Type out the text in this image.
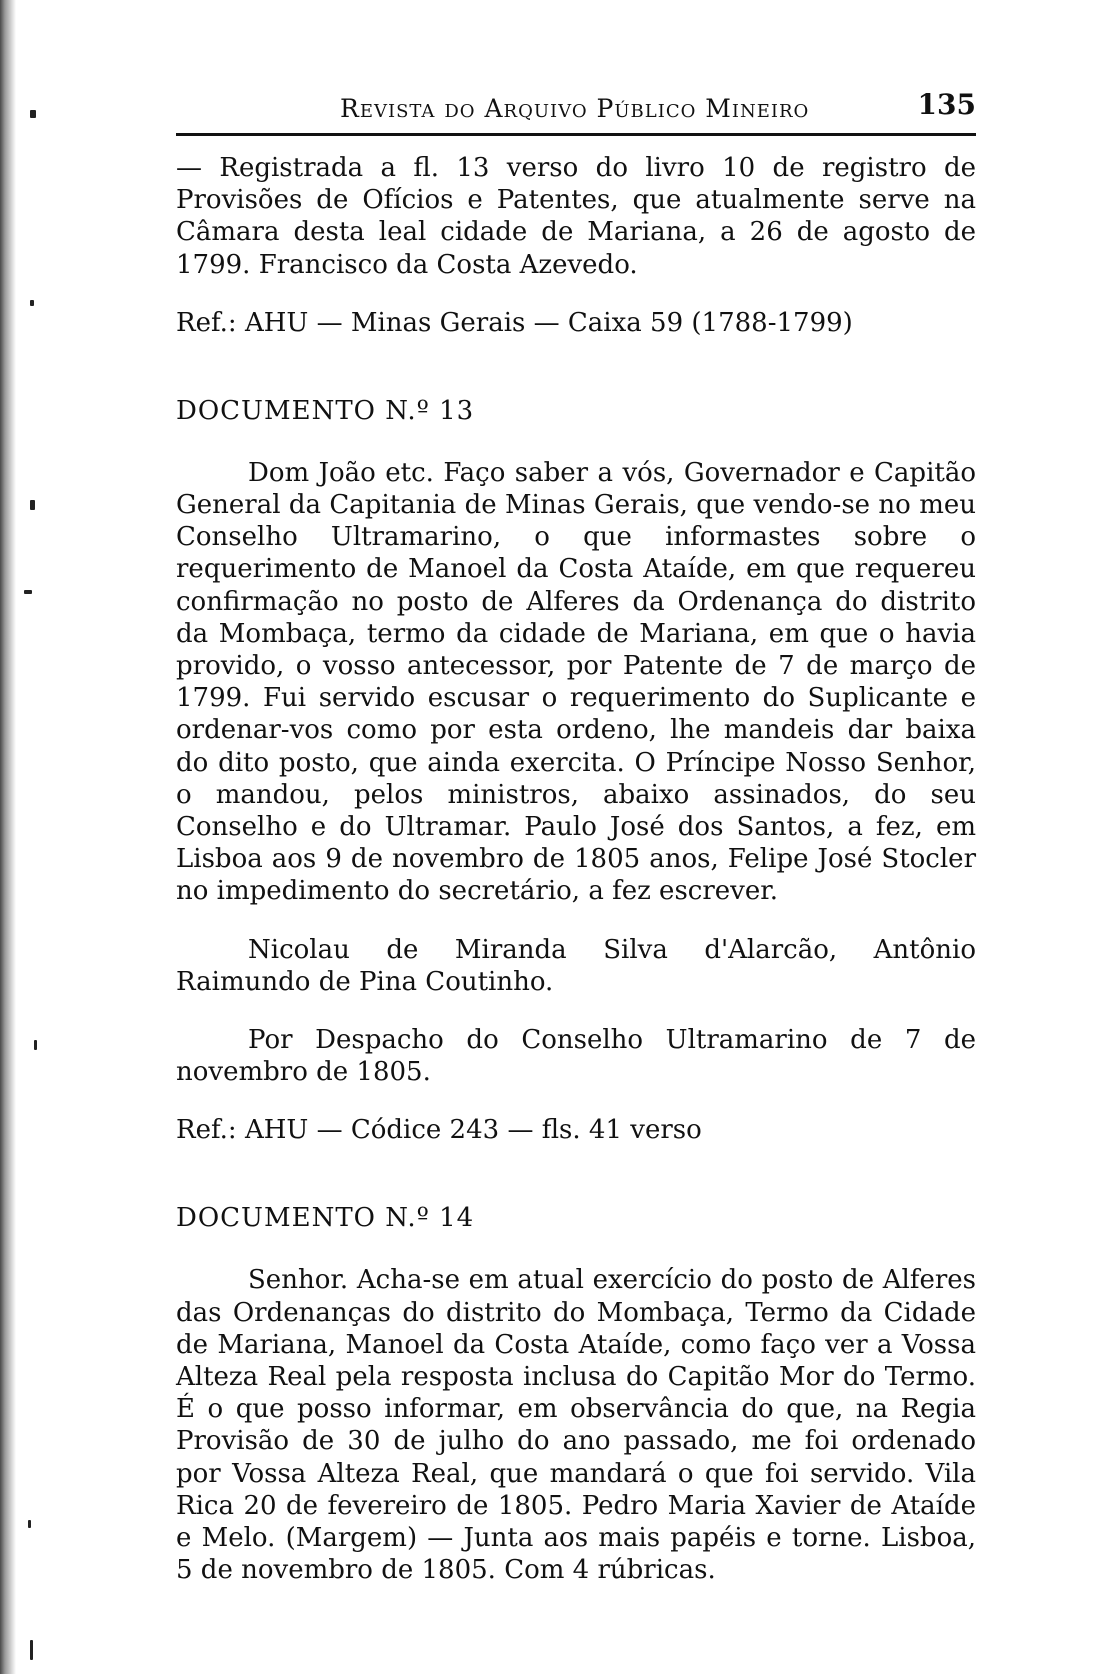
Revista do Arquivo Público Mineiro	135

— Registrada a fl. 13 verso do livro 10 de registro de Provisões de Ofícios e Patentes, que atualmente serve na Câmara desta leal cidade de Mariana, a 26 de agosto de 1799. Francisco da Costa Azevedo.

Ref.: AHU — Minas Gerais — Caixa 59 (1788-1799)

DOCUMENTO N.º 13

Dom João etc. Faço saber a vós, Governador e Capitão General da Capitania de Minas Gerais, que vendo-se no meu Conselho Ultramarino, o que informastes sobre o requerimento de Manoel da Costa Ataíde, em que requereu confirmação no posto de Alferes da Ordenança do distrito da Mombaça, termo da cidade de Mariana, em que o havia provido, o vosso antecessor, por Patente de 7 de março de 1799. Fui servido escusar o requerimento do Suplicante e ordenar-vos como por esta ordeno, lhe mandeis dar baixa do dito posto, que ainda exercita. O Príncipe Nosso Senhor, o mandou, pelos ministros, abaixo assinados, do seu Conselho e do Ultramar. Paulo José dos Santos, a fez, em Lisboa aos 9 de novembro de 1805 anos, Felipe José Stocler no impedimento do secretário, a fez escrever.

Nicolau de Miranda Silva d'Alarcão, Antônio Raimundo de Pina Coutinho.

Por Despacho do Conselho Ultramarino de 7 de novembro de 1805.

Ref.: AHU — Códice 243 — fls. 41 verso

DOCUMENTO N.º 14

Senhor. Acha-se em atual exercício do posto de Alferes das Ordenanças do distrito do Mombaça, Termo da Cidade de Mariana, Manoel da Costa Ataíde, como faço ver a Vossa Alteza Real pela resposta inclusa do Capitão Mor do Termo. É o que posso informar, em observância do que, na Regia Provisão de 30 de julho do ano passado, me foi ordenado por Vossa Alteza Real, que mandará o que foi servido. Vila Rica 20 de fevereiro de 1805. Pedro Maria Xavier de Ataíde e Melo. (Margem) — Junta aos mais papéis e torne. Lisboa, 5 de novembro de 1805. Com 4 rúbricas.
